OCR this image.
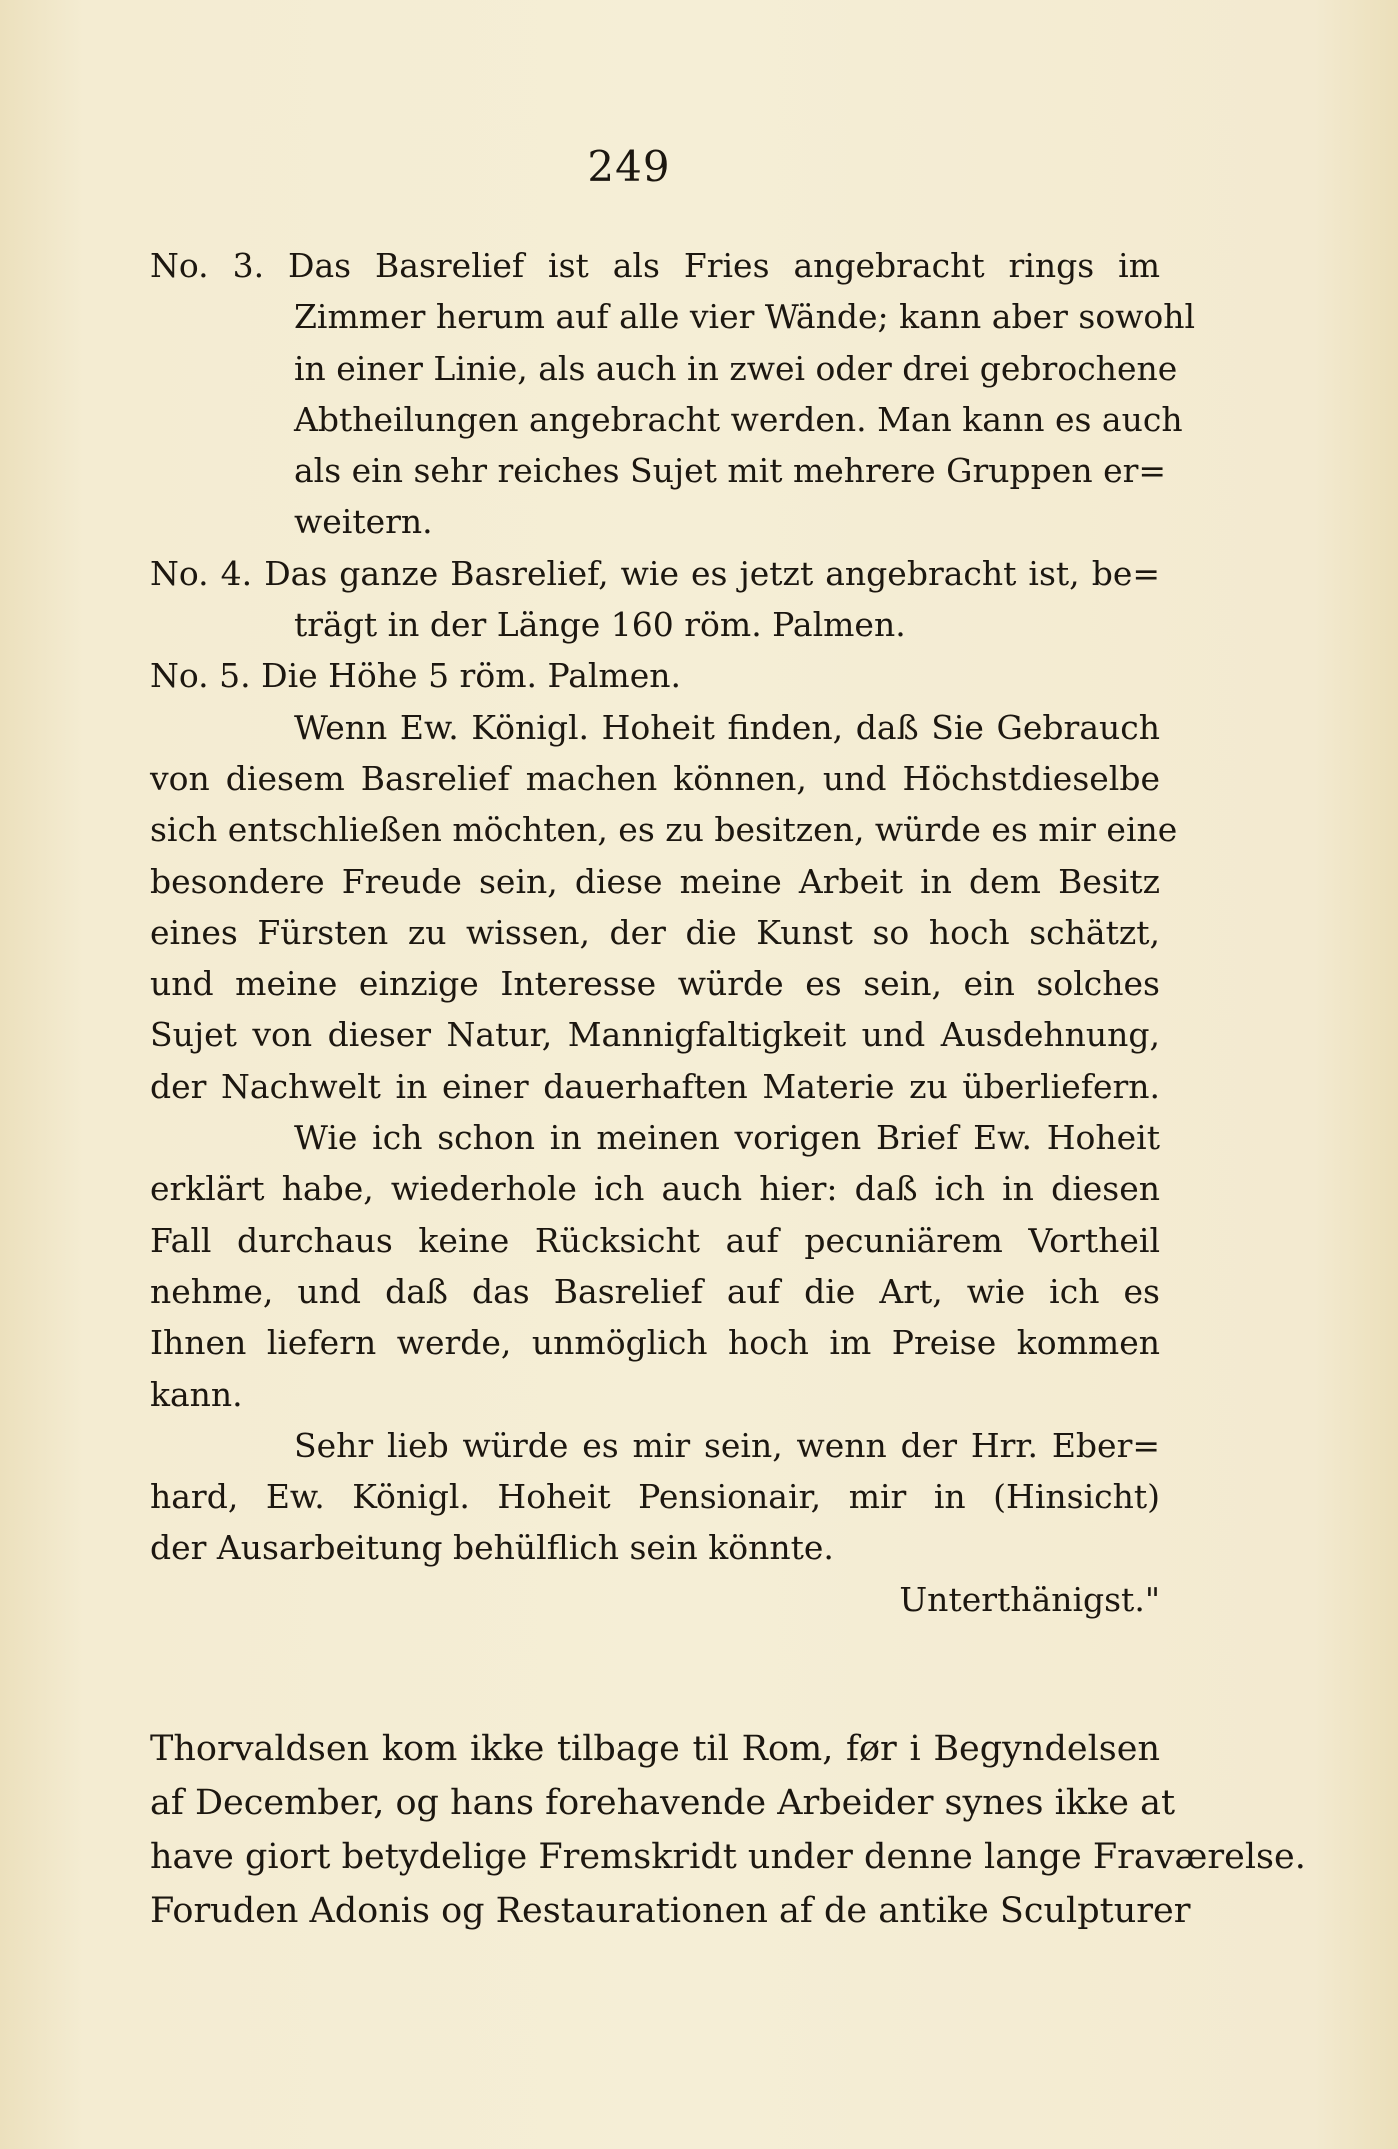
249
No. 3. Das Basrelief ist als Fries angebracht rings im
Zimmer herum auf alle vier Wände; kann aber sowohl
in einer Linie, als auch in zwei oder drei gebrochene
Abtheilungen angebracht werden. Man kann es auch
als ein sehr reiches Sujet mit mehrere Gruppen er=
weitern.
No. 4. Das ganze Basrelief, wie es jetzt angebracht ist, be=
trägt in der Länge 160 röm. Palmen.
No. 5. Die Höhe 5 röm. Palmen.
Wenn Ew. Königl. Hoheit finden, daß Sie Gebrauch
von diesem Basrelief machen können, und Höchstdieselbe
sich entschließen möchten, es zu besitzen, würde es mir eine
besondere Freude sein, diese meine Arbeit in dem Besitz
eines Fürsten zu wissen, der die Kunst so hoch schätzt,
und meine einzige Interesse würde es sein, ein solches
Sujet von dieser Natur, Mannigfaltigkeit und Ausdehnung,
der Nachwelt in einer dauerhaften Materie zu überliefern.
Wie ich schon in meinen vorigen Brief Ew. Hoheit
erklärt habe, wiederhole ich auch hier: daß ich in diesen
Fall durchaus keine Rücksicht auf pecuniärem Vortheil
nehme, und daß das Basrelief auf die Art, wie ich es
Ihnen liefern werde, unmöglich hoch im Preise kommen
kann.
Sehr lieb würde es mir sein, wenn der Hrr. Eber=
hard, Ew. Königl. Hoheit Pensionair, mir in (Hinsicht)
der Ausarbeitung behülflich sein könnte.
Unterthänigst."
Thorvaldsen kom ikke tilbage til Rom, før i Begyndelsen
af December, og hans forehavende Arbeider synes ikke at
have giort betydelige Fremskridt under denne lange Fraværelse.
Foruden Adonis og Restaurationen af de antike Sculpturer
